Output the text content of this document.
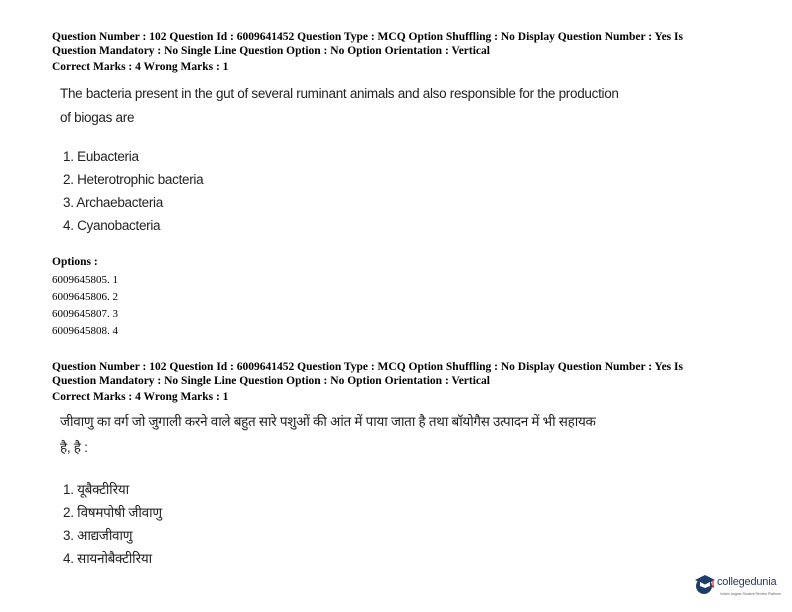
Question Number : 102 Question Id : 6009641452 Question Type : MCQ Option Shuffling : No Display Question Number : Yes Is

Question Mandatory : No Single Line Question Option : No Option Orientation : Vertical

Correct Marks : 4 Wrong Marks : 1

The bacteria present in the gut of several ruminant animals and also responsible for the production

of biogas are

1. Eubacteria
2. Heterotrophic bacteria
3. Archaebacteria
4. Cyanobacteria

Options :

6009645805. 1
6009645806. 2
6009645807. 3
6009645808. 4

Question Number : 102 Question Id : 6009641452 Question Type : MCQ Option Shuffling : No Display Question Number : Yes Is

Question Mandatory : No Single Line Question Option : No Option Orientation : Vertical

Correct Marks : 4 Wrong Marks : 1

जीवाणु का वर्ग जो जुगाली करने वाले बहुत सारे पशुओं की आंत में पाया जाता है तथा बॉयोगैस उत्पादन में भी सहायक

है, है :

1. यूबैक्टीरिया
2. विषमपोषी जीवाणु
3. आद्यजीवाणु
4. सायनोबैक्टीरिया
collegedunia
India's largest Student Review Platform
